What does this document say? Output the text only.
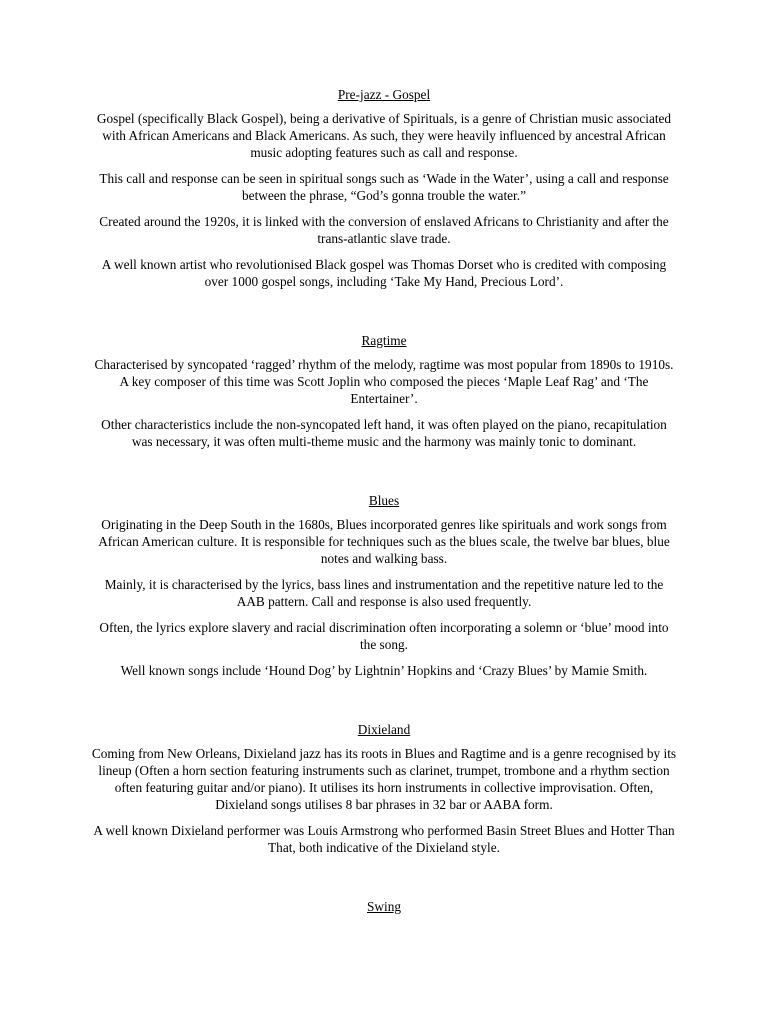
Pre-jazz - Gospel

Gospel (specifically Black Gospel), being a derivative of Spirituals, is a genre of Christian music associated with African Americans and Black Americans. As such, they were heavily influenced by ancestral African music adopting features such as call and response.

This call and response can be seen in spiritual songs such as ‘Wade in the Water’, using a call and response between the phrase, “God’s gonna trouble the water.”

Created around the 1920s, it is linked with the conversion of enslaved Africans to Christianity and after the trans-atlantic slave trade.

A well known artist who revolutionised Black gospel was Thomas Dorset who is credited with composing over 1000 gospel songs, including ‘Take My Hand, Precious Lord’.

Ragtime

Characterised by syncopated ‘ragged’ rhythm of the melody, ragtime was most popular from 1890s to 1910s. A key composer of this time was Scott Joplin who composed the pieces ‘Maple Leaf Rag’ and ‘The Entertainer’.

Other characteristics include the non-syncopated left hand, it was often played on the piano, recapitulation was necessary, it was often multi-theme music and the harmony was mainly tonic to dominant.

Blues

Originating in the Deep South in the 1680s, Blues incorporated genres like spirituals and work songs from African American culture. It is responsible for techniques such as the blues scale, the twelve bar blues, blue notes and walking bass.

Mainly, it is characterised by the lyrics, bass lines and instrumentation and the repetitive nature led to the AAB pattern. Call and response is also used frequently.

Often, the lyrics explore slavery and racial discrimination often incorporating a solemn or ‘blue’ mood into the song.

Well known songs include ‘Hound Dog’ by Lightnin’ Hopkins and ‘Crazy Blues’ by Mamie Smith.

Dixieland

Coming from New Orleans, Dixieland jazz has its roots in Blues and Ragtime and is a genre recognised by its lineup (Often a horn section featuring instruments such as clarinet, trumpet, trombone and a rhythm section often featuring guitar and/or piano). It utilises its horn instruments in collective improvisation. Often, Dixieland songs utilises 8 bar phrases in 32 bar or AABA form.

A well known Dixieland performer was Louis Armstrong who performed Basin Street Blues and Hotter Than That, both indicative of the Dixieland style.

Swing
